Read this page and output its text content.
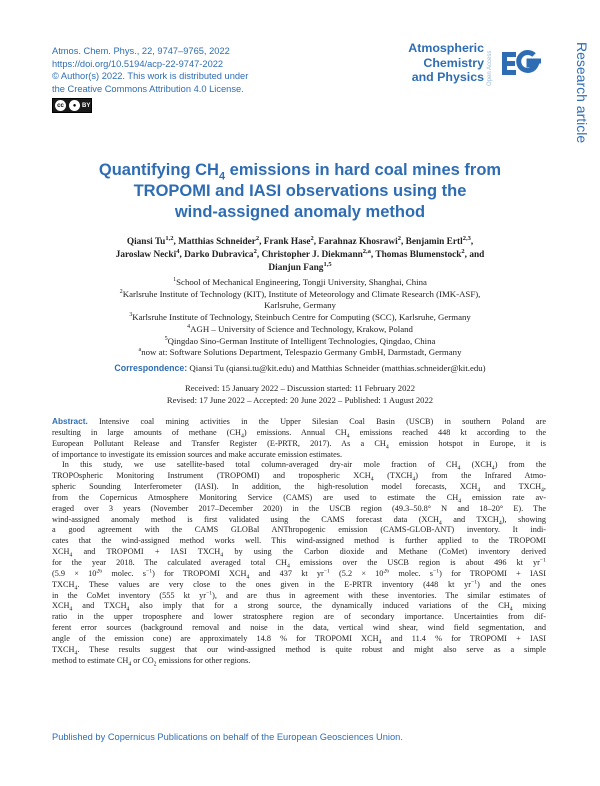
Atmos. Chem. Phys., 22, 9747–9765, 2022
https://doi.org/10.5194/acp-22-9747-2022
© Author(s) 2022. This work is distributed under
the Creative Commons Attribution 4.0 License.
cc	● BY
Atmospheric
Chemistry
and Physics Open Access	Research article
Quantifying $CH_4$ emissions in hard coal mines from
TROPOMI and IASI observations using the
wind-assigned anomaly method
Qiansi Tu$^{1,2}$, Matthias Schneider$^2$, Frank Hase$^2$, Farahnaz Khosrawi$^2$, Benjamin Ertl$^{2,3}$,
Jaroslaw Necki$^4$, Darko Dubravica$^2$, Christopher J. Diekmann$^{2,a}$, Thomas Blumenstock$^2$, and
Dianjun Fang$^{1,5}$
$^1$School of Mechanical Engineering, Tongji University, Shanghai, China
$^2$Karlsruhe Institute of Technology (KIT), Institute of Meteorology and Climate Research (IMK-ASF),
Karlsruhe, Germany
$^3$Karlsruhe Institute of Technology, Steinbuch Centre for Computing (SCC), Karlsruhe, Germany
$^4$AGH – University of Science and Technology, Krakow, Poland
$^5$Qingdao Sino-German Institute of Intelligent Technologies, Qingdao, China
$^a$now at: Software Solutions Department, Telespazio Germany GmbH, Darmstadt, Germany
Correspondence: Qiansi Tu (qiansi.tu@kit.edu) and Matthias Schneider (matthias.schneider@kit.edu)
Received: 15 January 2022 – Discussion started: 11 February 2022
Revised: 17 June 2022 – Accepted: 20 June 2022 – Published: 1 August 2022
Abstract. Intensive coal mining activities in the Upper Silesian Coal Basin (USCB) in southern Poland are
resulting in large amounts of methane $(CH_4)$ emissions. Annual $CH_4$ emissions reached 448 kt according to the
European Pollutant Release and Transfer Register (E-PRTR, 2017). As a $CH_4$ emission hotspot in Europe, it is
of importance to investigate its emission sources and make accurate emission estimates.
In this study, we use satellite-based total column-averaged dry-air mole fraction of $CH_4$ $(XCH_4)$ from the
TROPOspheric Monitoring Instrument (TROPOMI) and tropospheric $XCH_4$ $(TXCH_4)$ from the Infrared Atmo-
spheric Sounding Interferometer (IASI). In addition, the high-resolution model forecasts, $XCH_4$ and $TXCH_4$,
from the Copernicus Atmosphere Monitoring Service (CAMS) are used to estimate the $CH_4$ emission rate av-
eraged over 3 years (November 2017–December 2020) in the USCB region (49.3–50.8° N and 18–20° E). The
wind-assigned anomaly method is first validated using the CAMS forecast data ($XCH_4$ and $TXCH_4$), showing
a good agreement with the CAMS GLOBal ANThropogenic emission (CAMS-GLOB-ANT) inventory. It indi-
cates that the wind-assigned method works well. This wind-assigned method is further applied to the TROPOMI
$XCH_4$ and TROPOMI + IASI $TXCH_4$ by using the Carbon dioxide and Methane (CoMet) inventory derived
for the year 2018. The calculated averaged total $CH_4$ emissions over the USCB region is about 496 kt $yr^{-1}$
($5.9 \times 10^{26}$ molec. $s^{-1}$) for TROPOMI $XCH_4$ and 437 kt $yr^{-1}$ ($5.2 \times 10^{26}$ molec. $s^{-1}$) for TROPOMI + IASI
$TXCH_4$. These values are very close to the ones given in the E-PRTR inventory (448 kt $yr^{-1}$) and the ones
in the CoMet inventory (555 kt $yr^{-1}$), and are thus in agreement with these inventories. The similar estimates of
$XCH_4$ and $TXCH_4$ also imply that for a strong source, the dynamically induced variations of the $CH_4$ mixing
ratio in the upper troposphere and lower stratosphere region are of secondary importance. Uncertainties from dif-
ferent error sources (background removal and noise in the data, vertical wind shear, wind field segmentation, and
angle of the emission cone) are approximately 14.8 % for TROPOMI $XCH_4$ and 11.4 % for TROPOMI + IASI
$TXCH_4$. These results suggest that our wind-assigned method is quite robust and might also serve as a simple
method to estimate $CH_4$ or $CO_2$ emissions for other regions.
Published by Copernicus Publications on behalf of the European Geosciences Union.
